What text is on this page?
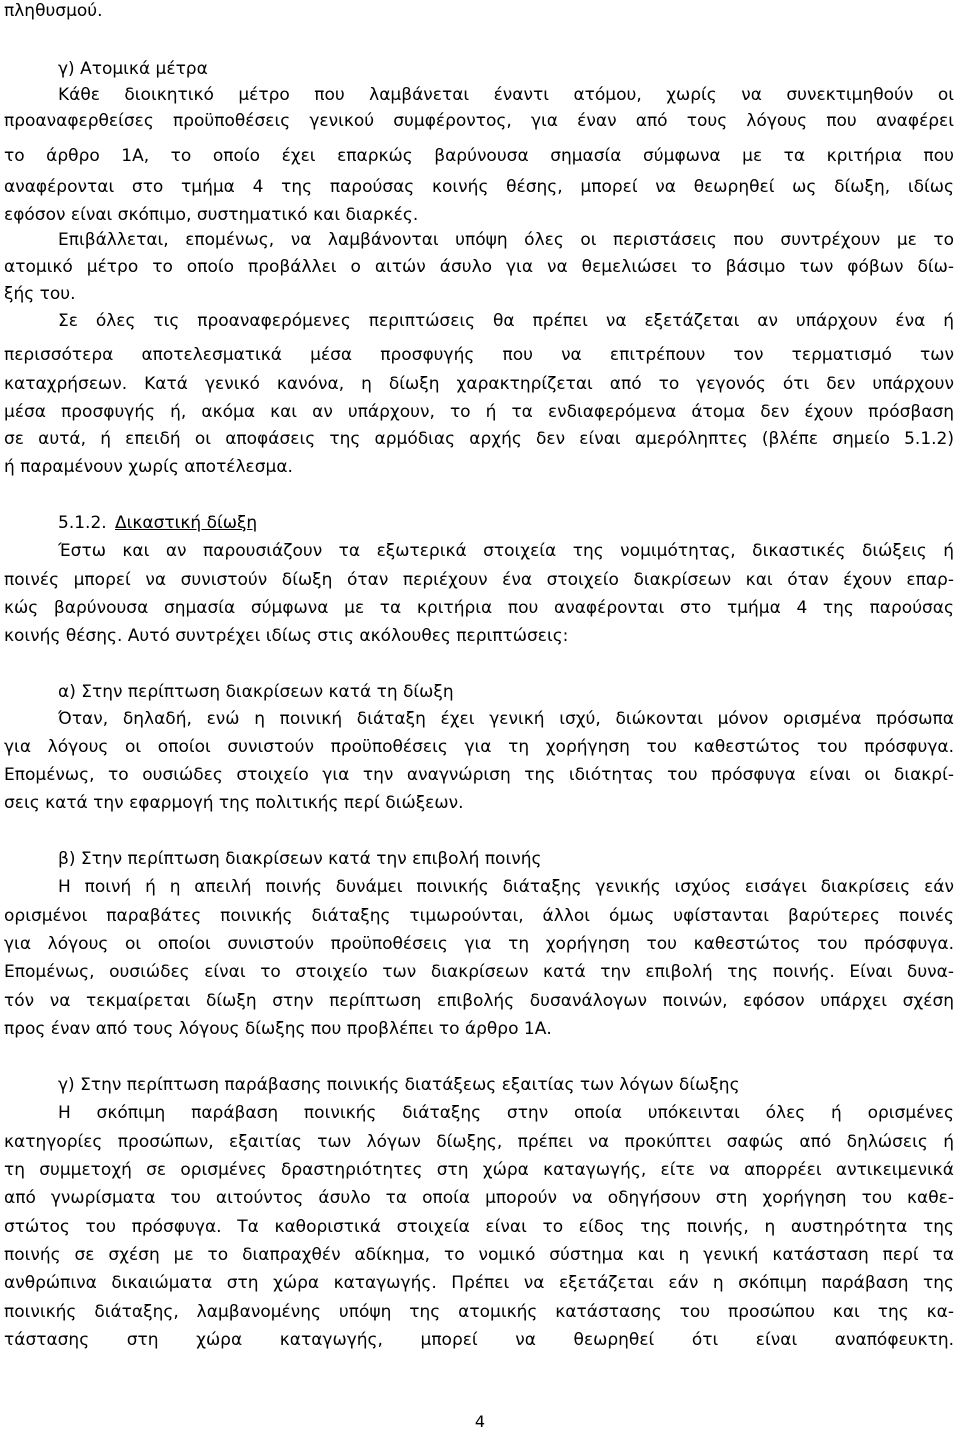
πληθυσμού.
γ) Ατομικά μέτρα
Κάθε διοικητικό μέτρο που λαμβάνεται έναντι ατόμου, χωρίς να συνεκτιμηθούν οι
προαναφερθείσες προϋποθέσεις γενικού συμφέροντος, για έναν από τους λόγους που αναφέρει
το άρθρο 1Α, το οποίο έχει επαρκώς βαρύνουσα σημασία σύμφωνα με τα κριτήρια που
αναφέρονται στο τμήμα 4 της παρούσας κοινής θέσης, μπορεί να θεωρηθεί ως δίωξη, ιδίως
εφόσον είναι σκόπιμο, συστηματικό και διαρκές.
Επιβάλλεται, επομένως, να λαμβάνονται υπόψη όλες οι περιστάσεις που συντρέχουν με το
ατομικό μέτρο το οποίο προβάλλει ο αιτών άσυλο για να θεμελιώσει το βάσιμο των φόβων δίω-
ξής του.
Σε όλες τις προαναφερόμενες περιπτώσεις θα πρέπει να εξετάζεται αν υπάρχουν ένα ή
περισσότερα αποτελεσματικά μέσα προσφυγής που να επιτρέπουν τον τερματισμό των
καταχρήσεων. Κατά γενικό κανόνα, η δίωξη χαρακτηρίζεται από το γεγονός ότι δεν υπάρχουν
μέσα προσφυγής ή, ακόμα και αν υπάρχουν, το ή τα ενδιαφερόμενα άτομα δεν έχουν πρόσβαση
σε αυτά, ή επειδή οι αποφάσεις της αρμόδιας αρχής δεν είναι αμερόληπτες (βλέπε σημείο 5.1.2)
ή παραμένουν χωρίς αποτέλεσμα.
5.1.2. Δικαστική δίωξη
Έστω και αν παρουσιάζουν τα εξωτερικά στοιχεία της νομιμότητας, δικαστικές διώξεις ή
ποινές μπορεί να συνιστούν δίωξη όταν περιέχουν ένα στοιχείο διακρίσεων και όταν έχουν επαρ-
κώς βαρύνουσα σημασία σύμφωνα με τα κριτήρια που αναφέρονται στο τμήμα 4 της παρούσας
κοινής θέσης. Αυτό συντρέχει ιδίως στις ακόλουθες περιπτώσεις:
α) Στην περίπτωση διακρίσεων κατά τη δίωξη
Όταν, δηλαδή, ενώ η ποινική διάταξη έχει γενική ισχύ, διώκονται μόνον ορισμένα πρόσωπα
για λόγους οι οποίοι συνιστούν προϋποθέσεις για τη χορήγηση του καθεστώτος του πρόσφυγα.
Επομένως, το ουσιώδες στοιχείο για την αναγνώριση της ιδιότητας του πρόσφυγα είναι οι διακρί-
σεις κατά την εφαρμογή της πολιτικής περί διώξεων.
β) Στην περίπτωση διακρίσεων κατά την επιβολή ποινής
Η ποινή ή η απειλή ποινής δυνάμει ποινικής διάταξης γενικής ισχύος εισάγει διακρίσεις εάν
ορισμένοι παραβάτες ποινικής διάταξης τιμωρούνται, άλλοι όμως υφίστανται βαρύτερες ποινές
για λόγους οι οποίοι συνιστούν προϋποθέσεις για τη χορήγηση του καθεστώτος του πρόσφυγα.
Επομένως, ουσιώδες είναι το στοιχείο των διακρίσεων κατά την επιβολή της ποινής. Είναι δυνα-
τόν να τεκμαίρεται δίωξη στην περίπτωση επιβολής δυσανάλογων ποινών, εφόσον υπάρχει σχέση
προς έναν από τους λόγους δίωξης που προβλέπει το άρθρο 1Α.
γ) Στην περίπτωση παράβασης ποινικής διατάξεως εξαιτίας των λόγων δίωξης
Η σκόπιμη παράβαση ποινικής διάταξης στην οποία υπόκεινται όλες ή ορισμένες
κατηγορίες προσώπων, εξαιτίας των λόγων δίωξης, πρέπει να προκύπτει σαφώς από δηλώσεις ή
τη συμμετοχή σε ορισμένες δραστηριότητες στη χώρα καταγωγής, είτε να απορρέει αντικειμενικά
από γνωρίσματα του αιτούντος άσυλο τα οποία μπορούν να οδηγήσουν στη χορήγηση του καθε-
στώτος του πρόσφυγα. Τα καθοριστικά στοιχεία είναι το είδος της ποινής, η αυστηρότητα της
ποινής σε σχέση με το διαπραχθέν αδίκημα, το νομικό σύστημα και η γενική κατάσταση περί τα
ανθρώπινα δικαιώματα στη χώρα καταγωγής. Πρέπει να εξετάζεται εάν η σκόπιμη παράβαση της
ποινικής διάταξης, λαμβανομένης υπόψη της ατομικής κατάστασης του προσώπου και της κα-
τάστασης στη χώρα καταγωγής, μπορεί να θεωρηθεί ότι είναι αναπόφευκτη.
4
